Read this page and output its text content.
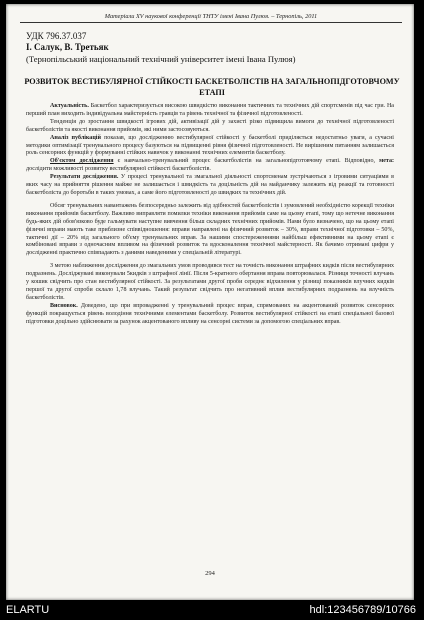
Матеріали XV наукової конференції ТНТУ імені Івана Пулюя. – Тернопіль, 2011
УДК 796.37.037
І. Салук, В. Третьяк
(Тернопільський національний технічний університет імені Івана Пулюя)
РОЗВИТОК ВЕСТИБУЛЯРНОЇ СТІЙКОСТІ БАСКЕТБОЛІСТІВ НА ЗАГАЛЬНОПІДГОТОВЧОМУ ЕТАПІ

Актуальність. Баскетбол характеризується високою швидкістю виконання тактичних та технічних дій спортсменів під час гри. На перший план виходить індивідуальна майстерність гравців та рівень технічної та фізичної підготовленості.

Тенденція до зростання швидкості ігрових дій, активізації дій у захисті різко підвищила вимоги до технічної підготовленості баскетболістів та якості виконання прийомів, які ними застосовуються.

Аналіз публікацій показав, що дослідженню вестибулярної стійкості у баскетболі приділяється недостатньо уваги, а сучасні методики оптимізації тренувального процесу базуються на підвищенні рівня фізичної підготовленості. Не вирішеним питанням залишається роль сенсорних функцій у формуванні стійких навичок у виконанні технічних елементів баскетболу.

Об'єктом дослідження є навчально-тренувальний процес баскетболістів на загальнопідготовчому етапі. Відповідно, мета: дослідити можливості розвитку вестибулярної стійкості баскетболістів.

Результати дослідження. У процесі тренувальної та змагальної діяльності спортсменам зустрічаються з ігровими ситуаціями в яких часу на прийняття рішення майже не залишається і швидкість та доцільність дій на майданчику залежить від реакції та готовності баскетболіста до боротьби в таких умовах, а саме його підготовленості до швидких та технічних дій.

Обсяг тренувальних навантажень безпосередньо залежить від здібностей баскетболістів і зумовлений необхідністю корекції техніки виконання прийомів баскетболу. Важливо виправляти помилки техніки виконання прийомів саме на цьому етапі, тому що нетечне виконання будь-яких дій обов'язково буде гальмувати наступне вивчення більш складних технічних прийомів. Нами було визначено, що на цьому етапі фізичні вправи мають таке приблизне співвідношення: вправи направлені на фізичний розвиток – 30%, вправи технічної підготовки – 50%, тактичні дії – 20% від загального об'єму тренувальних вправ. За нашими спостереженнями найбільш ефективними на цьому етапі є комбіновані вправи з одночасним впливом на фізичний розвиток та вдосконалення технічної майстерності. Як бачимо отримані цифри у дослідженні практично співпадають з даними наведеними у спеціальній літературі.

З метою наближення дослідження до змагальних умов проводився тест на точність виконання штрафних кидків після вестибулярних подразнень. Досліджувані виконували 5кидків з штрафної лінії. Після 5-кратного обертання вправа повторювалася. Різниця точності влучань у кошик свідчить про стан вестибулярної стійкості. За результатами другої проби середнє відхилення у різниці показників влучних кидків першої та другої спроби склало 1,78 влучань. Такий результат свідчить про негативний вплив вестибулярних подразнень на влучність баскетболістів.

Висновок. Доведено, що при впровадженні у тренувальний процес вправ, спрямованих на акцентований розвиток сенсорних функцій покращується рівень володіння технічними елементами баскетболу. Розвиток вестибулярної стійкості на етапі спеціальної базової підготовки доцільно здійснювати за рахунок акцентованого впливу на сенсорні системи за допомогою спеціальних вправ.

294
ELARTU	hdl:123456789/10766
